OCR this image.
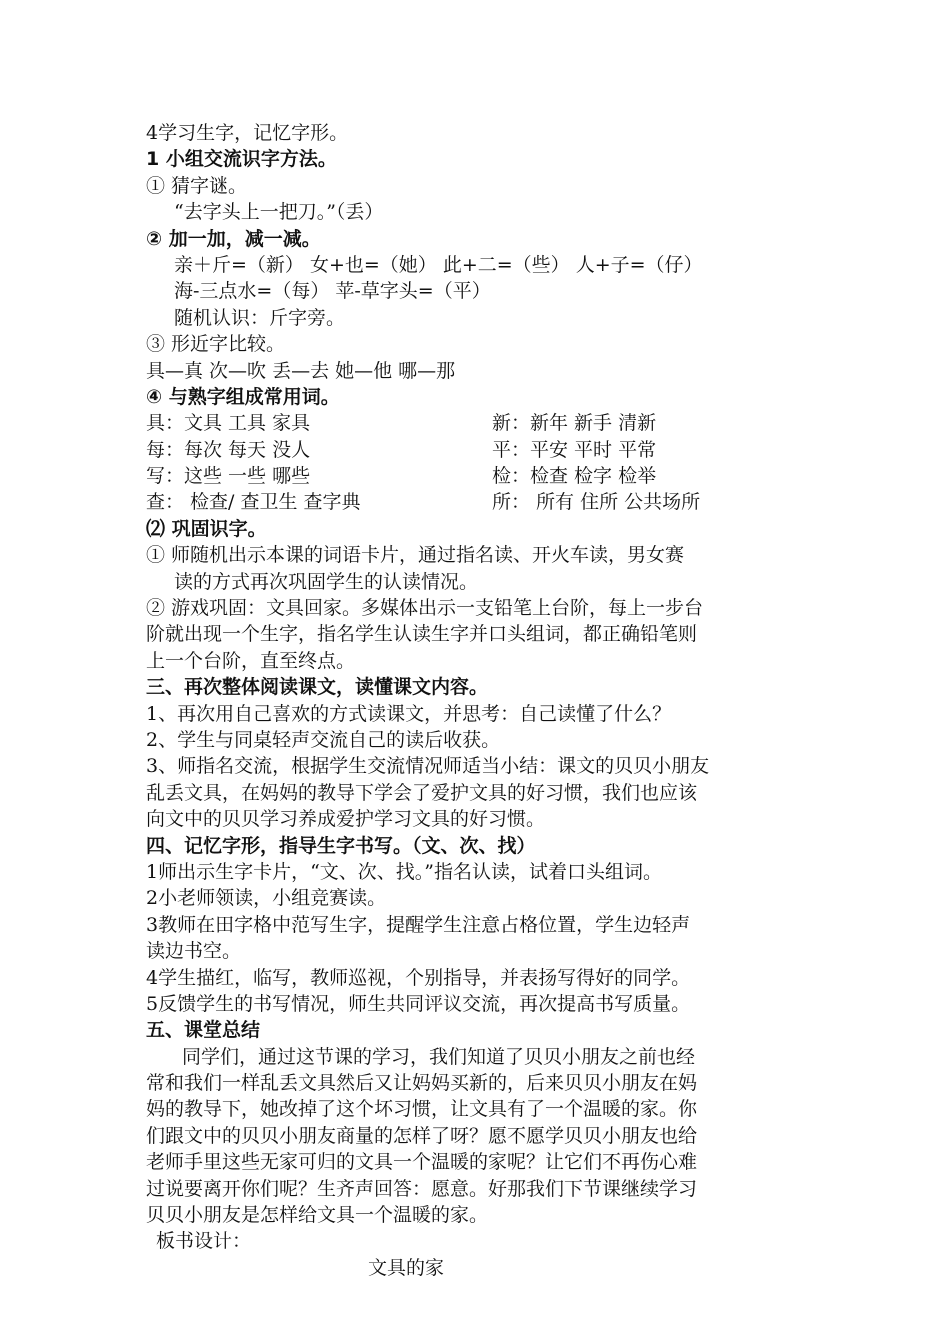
4学习生字，记忆字形。
1 小组交流识字方法。
① 猜字谜。
“去字头上一把刀。”（丢）
② 加一加，减一减。
亲＋斤=（新） 女+也=（她） 此+二=（些） 人+子=（仔）
海-三点水=（每） 苹-草字头=（平）
随机认识：斤字旁。
③ 形近字比较。
具—真 次—吹 丢—去 她—他 哪—那
④ 与熟字组成常用词。
具：文具 工具 家具	新：新年 新手 清新
每：每次 每天 没人	平：平安 平时 平常
写：这些 一些 哪些	检：检查 检字 检举
查： 检查/ 查卫生 查字典	所： 所有 住所 公共场所
⑵ 巩固识字。
① 师随机出示本课的词语卡片，通过指名读、开火车读，男女赛
读的方式再次巩固学生的认读情况。
② 游戏巩固：文具回家。多媒体出示一支铅笔上台阶，每上一步台
阶就出现一个生字，指名学生认读生字并口头组词，都正确铅笔则
上一个台阶，直至终点。
三、再次整体阅读课文，读懂课文内容。
1、再次用自己喜欢的方式读课文，并思考：自己读懂了什么？
2、学生与同桌轻声交流自己的读后收获。
3、师指名交流，根据学生交流情况师适当小结：课文的贝贝小朋友
乱丢文具，在妈妈的教导下学会了爱护文具的好习惯，我们也应该
向文中的贝贝学习养成爱护学习文具的好习惯。
四、记忆字形，指导生字书写。（文、次、找）
1师出示生字卡片，“文、次、找。”指名认读，试着口头组词。
2小老师领读，小组竞赛读。
3教师在田字格中范写生字，提醒学生注意占格位置，学生边轻声
读边书空。
4学生描红，临写，教师巡视，个别指导，并表扬写得好的同学。
5反馈学生的书写情况，师生共同评议交流，再次提高书写质量。
五、课堂总结
同学们，通过这节课的学习，我们知道了贝贝小朋友之前也经
常和我们一样乱丢文具然后又让妈妈买新的，后来贝贝小朋友在妈
妈的教导下，她改掉了这个坏习惯，让文具有了一个温暖的家。你
们跟文中的贝贝小朋友商量的怎样了呀？愿不愿学贝贝小朋友也给
老师手里这些无家可归的文具一个温暖的家呢？让它们不再伤心难
过说要离开你们呢？生齐声回答：愿意。好那我们下节课继续学习
贝贝小朋友是怎样给文具一个温暖的家。
板书设计：
文具的家
